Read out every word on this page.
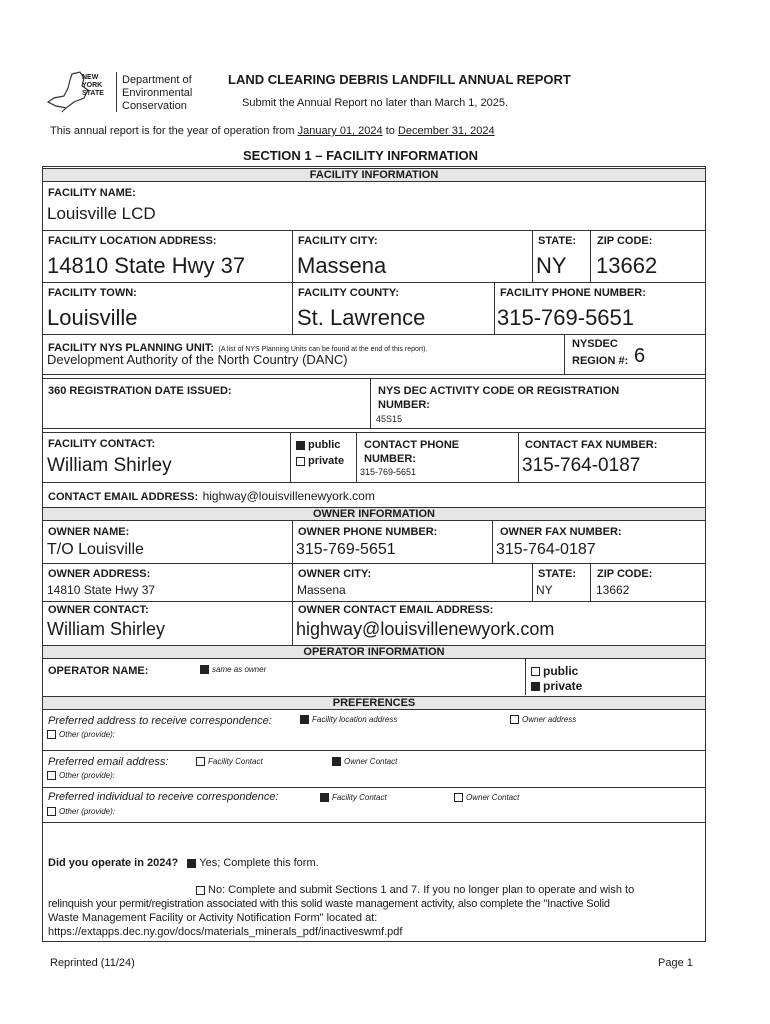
NEW YORK STATE
Department of
Environmental
Conservation
LAND CLEARING DEBRIS LANDFILL ANNUAL REPORT
Submit the Annual Report no later than March 1, 2025.
This annual report is for the year of operation from January 01, 2024 to December 31, 2024
SECTION 1 – FACILITY INFORMATION
FACILITY INFORMATION
FACILITY NAME:
Louisville LCD
FACILITY LOCATION ADDRESS:
14810 State Hwy 37
FACILITY CITY:
Massena
STATE:
NY
ZIP CODE:
13662
FACILITY TOWN:
Louisville
FACILITY COUNTY:
St. Lawrence
FACILITY PHONE NUMBER:
315-769-5651
FACILITY NYS PLANNING UNIT: (A list of NYS Planning Units can be found at the end of this report).
Development Authority of the North Country (DANC)
NYSDEC
REGION #: 6
360 REGISTRATION DATE ISSUED:	NYS DEC ACTIVITY CODE OR REGISTRATION
NUMBER:
45S15
FACILITY CONTACT:
William Shirley
public
private
CONTACT PHONE
NUMBER:
315-769-5651
CONTACT FAX NUMBER:
315-764-0187
CONTACT EMAIL ADDRESS: highway@louisvillenewyork.com
OWNER INFORMATION
OWNER NAME:
T/O Louisville
OWNER PHONE NUMBER:
315-769-5651
OWNER FAX NUMBER:
315-764-0187
OWNER ADDRESS:
14810 State Hwy 37
OWNER CITY:
Massena
STATE:
NY
ZIP CODE:
13662
OWNER CONTACT:
William Shirley
OWNER CONTACT EMAIL ADDRESS:
highway@louisvillenewyork.com
OPERATOR INFORMATION
OPERATOR NAME:	same as owner	public
private
PREFERENCES
Preferred address to receive correspondence:	Facility location address	Owner address
Other (provide):
Preferred email address:	Facility Contact	Owner Contact
Other (provide):
Preferred individual to receive correspondence:	Facility Contact	Owner Contact
Other (provide):
Did you operate in 2024? Yes; Complete this form.
No: Complete and submit Sections 1 and 7. If you no longer plan to operate and wish to
relinquish your permit/registration associated with this solid waste management activity, also complete the "Inactive Solid
Waste Management Facility or Activity Notification Form" located at:
https://extapps.dec.ny.gov/docs/materials_minerals_pdf/inactiveswmf.pdf
Reprinted (11/24)	Page 1
